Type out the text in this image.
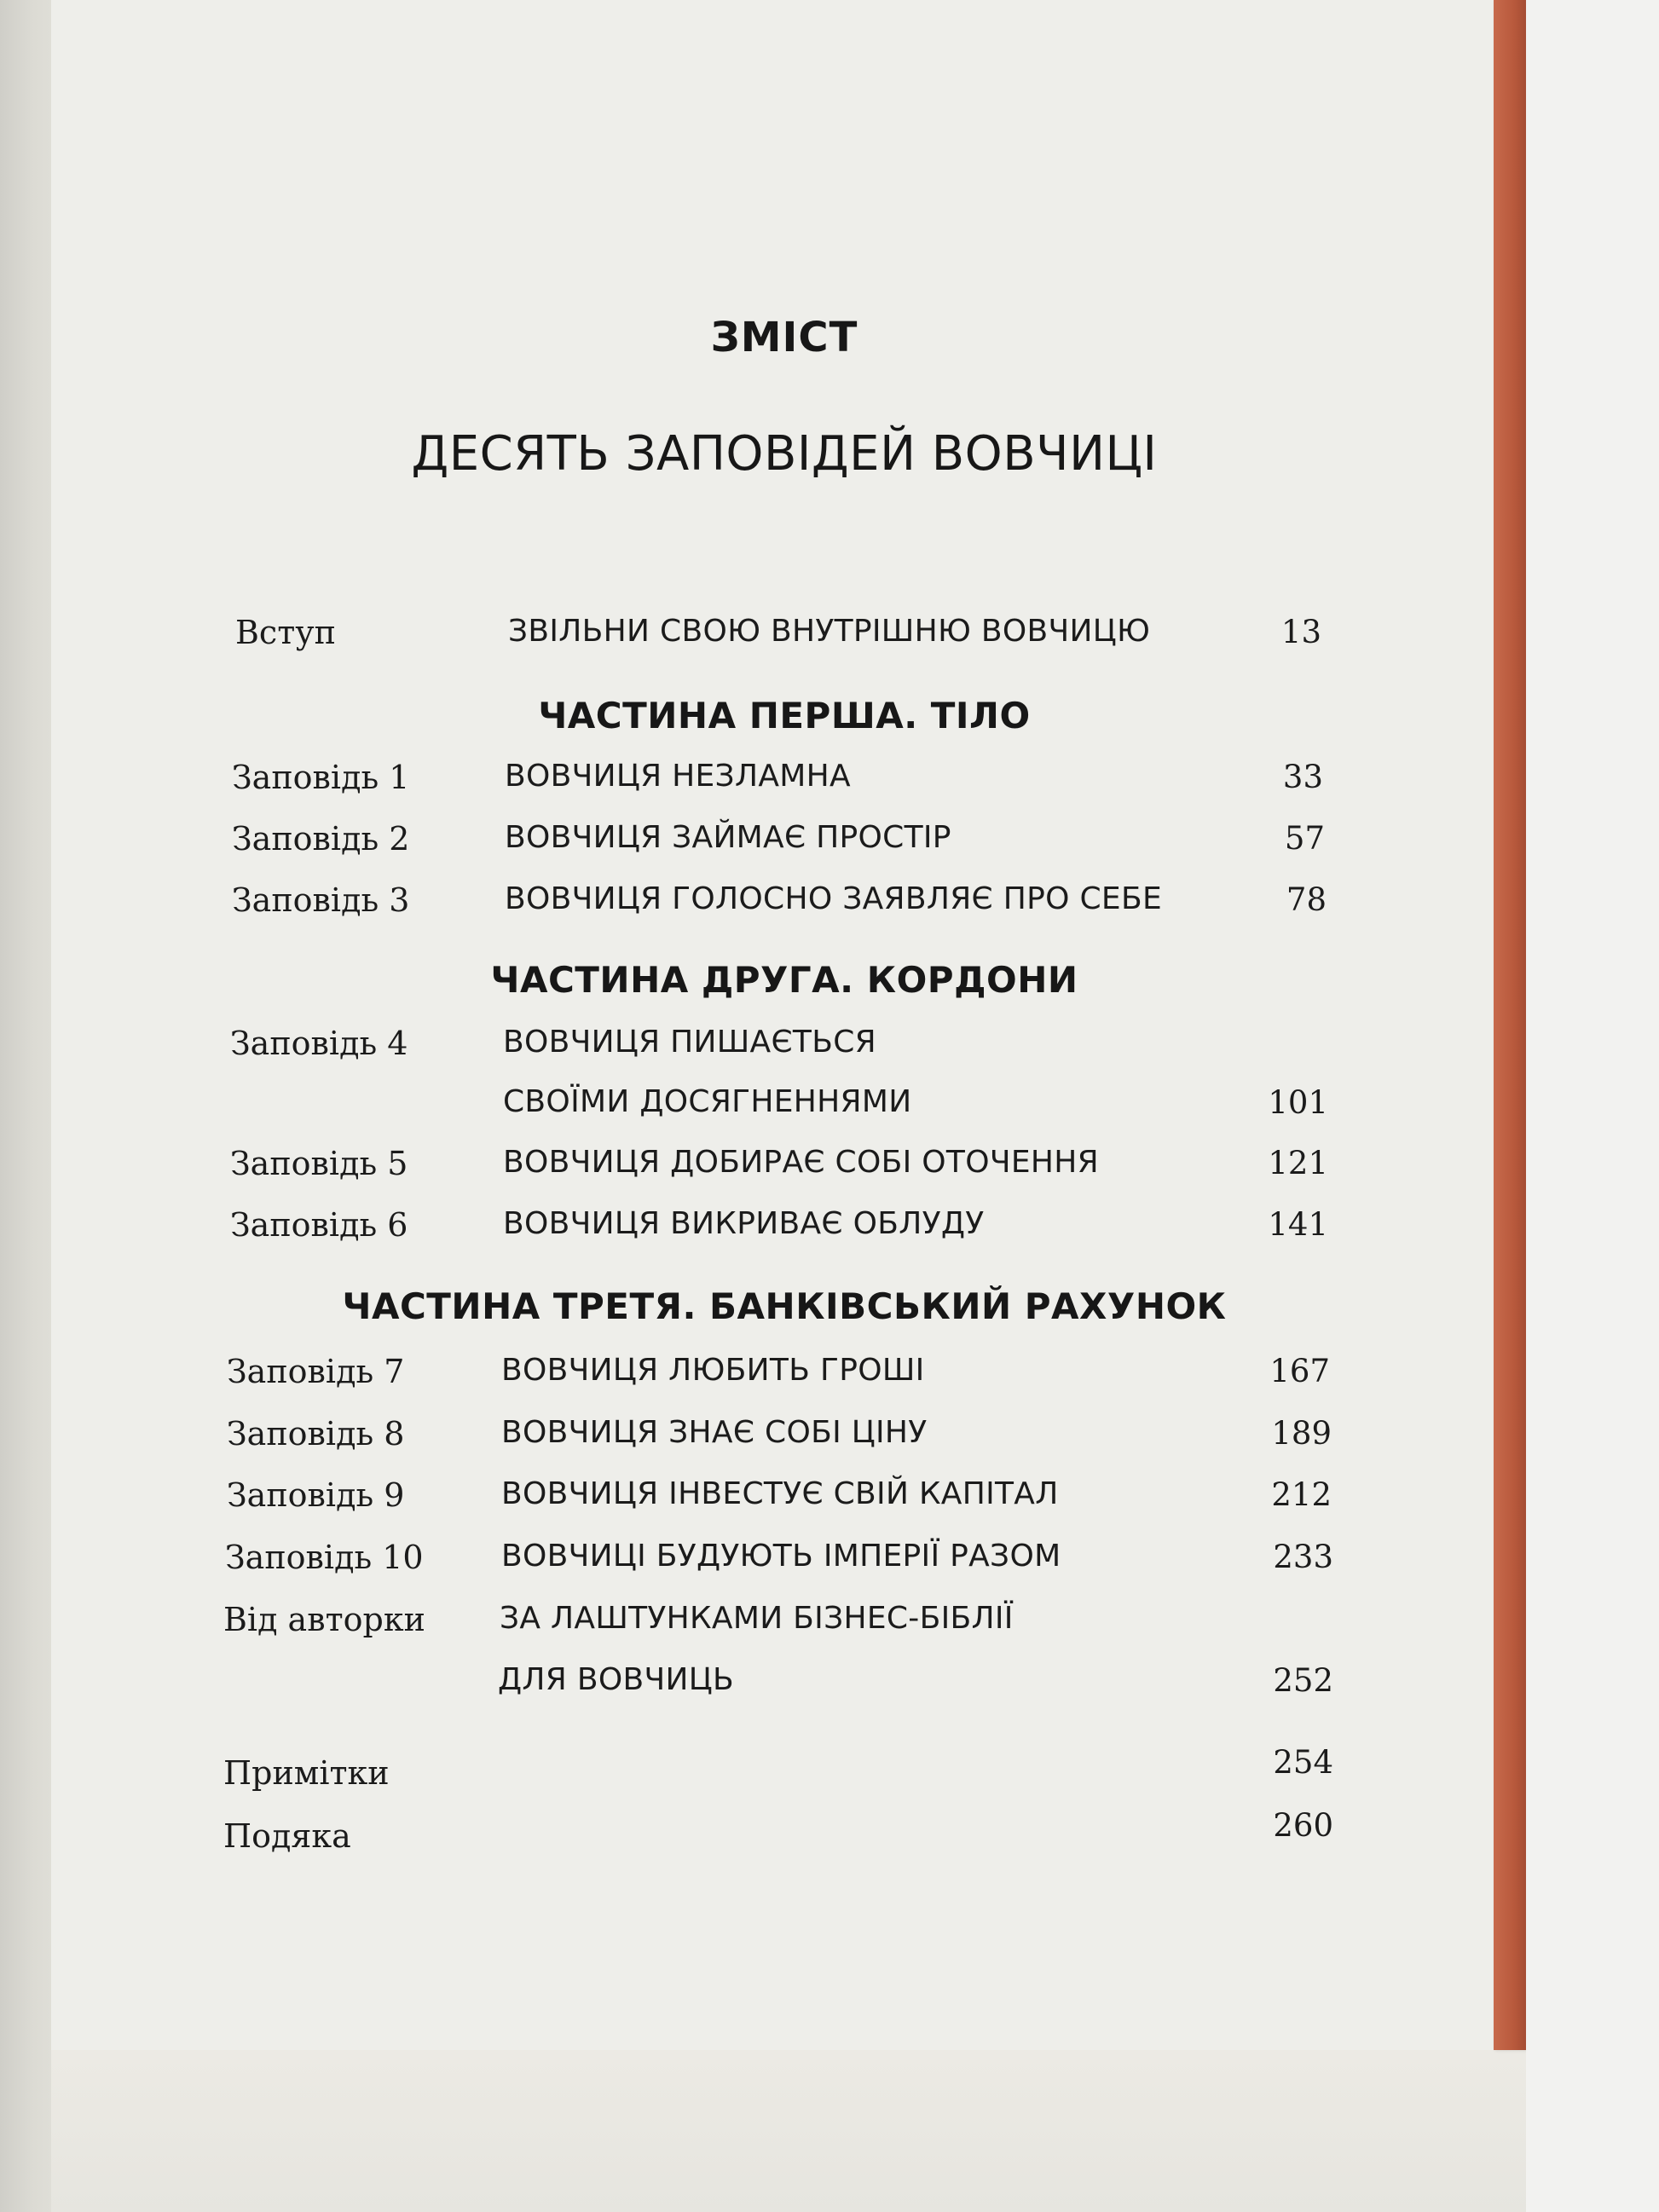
ЗМІСТ
ДЕСЯТЬ ЗАПОВІДЕЙ ВОВЧИЦІ
Вступ	ЗВІЛЬНИ СВОЮ ВНУТРІШНЮ ВОВЧИЦЮ	13
ЧАСТИНА ПЕРША. ТІЛО
Заповідь 1	ВОВЧИЦЯ НЕЗЛАМНА	33
Заповідь 2	ВОВЧИЦЯ ЗАЙМАЄ ПРОСТІР	57
Заповідь 3	ВОВЧИЦЯ ГОЛОСНО ЗАЯВЛЯЄ ПРО СЕБЕ	78
ЧАСТИНА ДРУГА. КОРДОНИ
Заповідь 4	ВОВЧИЦЯ ПИШАЄТЬСЯ
СВОЇМИ ДОСЯГНЕННЯМИ	101
Заповідь 5	ВОВЧИЦЯ ДОБИРАЄ СОБІ ОТОЧЕННЯ	121
Заповідь 6	ВОВЧИЦЯ ВИКРИВАЄ ОБЛУДУ	141
ЧАСТИНА ТРЕТЯ. БАНКІВСЬКИЙ РАХУНОК
Заповідь 7	ВОВЧИЦЯ ЛЮБИТЬ ГРОШІ	167
Заповідь 8	ВОВЧИЦЯ ЗНАЄ СОБІ ЦІНУ	189
Заповідь 9	ВОВЧИЦЯ ІНВЕСТУЄ СВІЙ КАПІТАЛ	212
Заповідь 10	ВОВЧИЦІ БУДУЮТЬ ІМПЕРІЇ РАЗОМ	233
Від авторки ЗА ЛАШТУНКАМИ БІЗНЕС-БІБЛІЇ
ДЛЯ ВОВЧИЦЬ	252
Примітки	254
Подяка	260
